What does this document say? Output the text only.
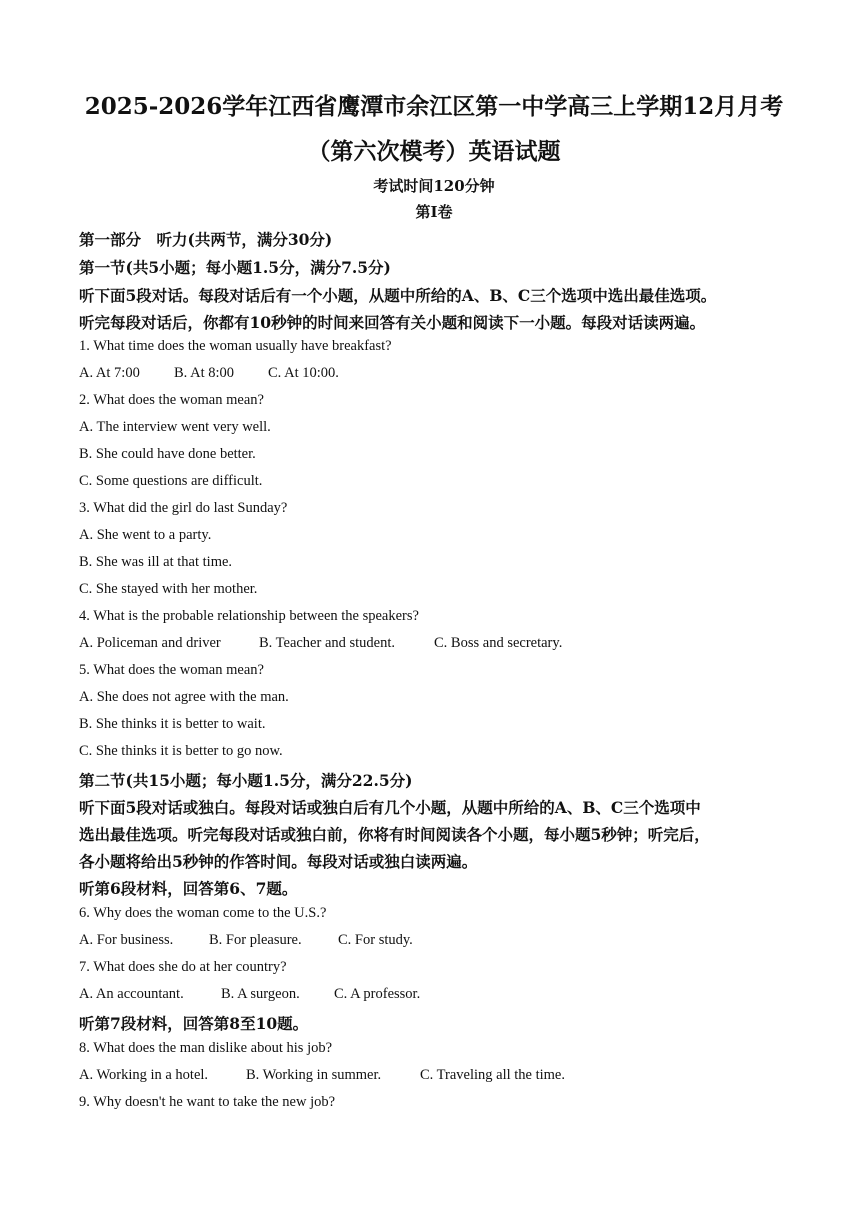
2025-2026学年江西省鹰潭市余江区第一中学高三上学期12月月考
（第六次模考）英语试题
考试时间120分钟
第I卷
第一部分　听力(共两节，满分30分)
第一节(共5小题；每小题1.5分，满分7.5分)
听下面5段对话。每段对话后有一个小题，从题中所给的A、B、C三个选项中选出最佳选项。
听完每段对话后，你都有10秒钟的时间来回答有关小题和阅读下一小题。每段对话读两遍。
1. What time does the woman usually have breakfast?
A. At 7:00 B. At 8:00 C. At 10:00.
2. What does the woman mean?
A. The interview went very well.
B. She could have done better.
C. Some questions are difficult.
3. What did the girl do last Sunday?
A. She went to a party.
B. She was ill at that time.
C. She stayed with her mother.
4. What is the probable relationship between the speakers?
A. Policeman and driver	B. Teacher and student.	C. Boss and secretary.
5. What does the woman mean?
A. She does not agree with the man.
B. She thinks it is better to wait.
C. She thinks it is better to go now.
第二节(共15小题；每小题1.5分，满分22.5分)
听下面5段对话或独白。每段对话或独白后有几个小题，从题中所给的A、B、C三个选项中
选出最佳选项。听完每段对话或独白前，你将有时间阅读各个小题，每小题5秒钟；听完后，
各小题将给出5秒钟的作答时间。每段对话或独白读两遍。
听第6段材料，回答第6、7题。
6. Why does the woman come to the U.S.?
A. For business. B. For pleasure.	C. For study.
7. What does she do at her country?
A. An accountant.	B. A surgeon. C. A professor.
听第7段材料，回答第8至10题。
8. What does the man dislike about his job?
A. Working in a hotel.	B. Working in summer.	C. Traveling all the time.
9. Why doesn't he want to take the new job?
